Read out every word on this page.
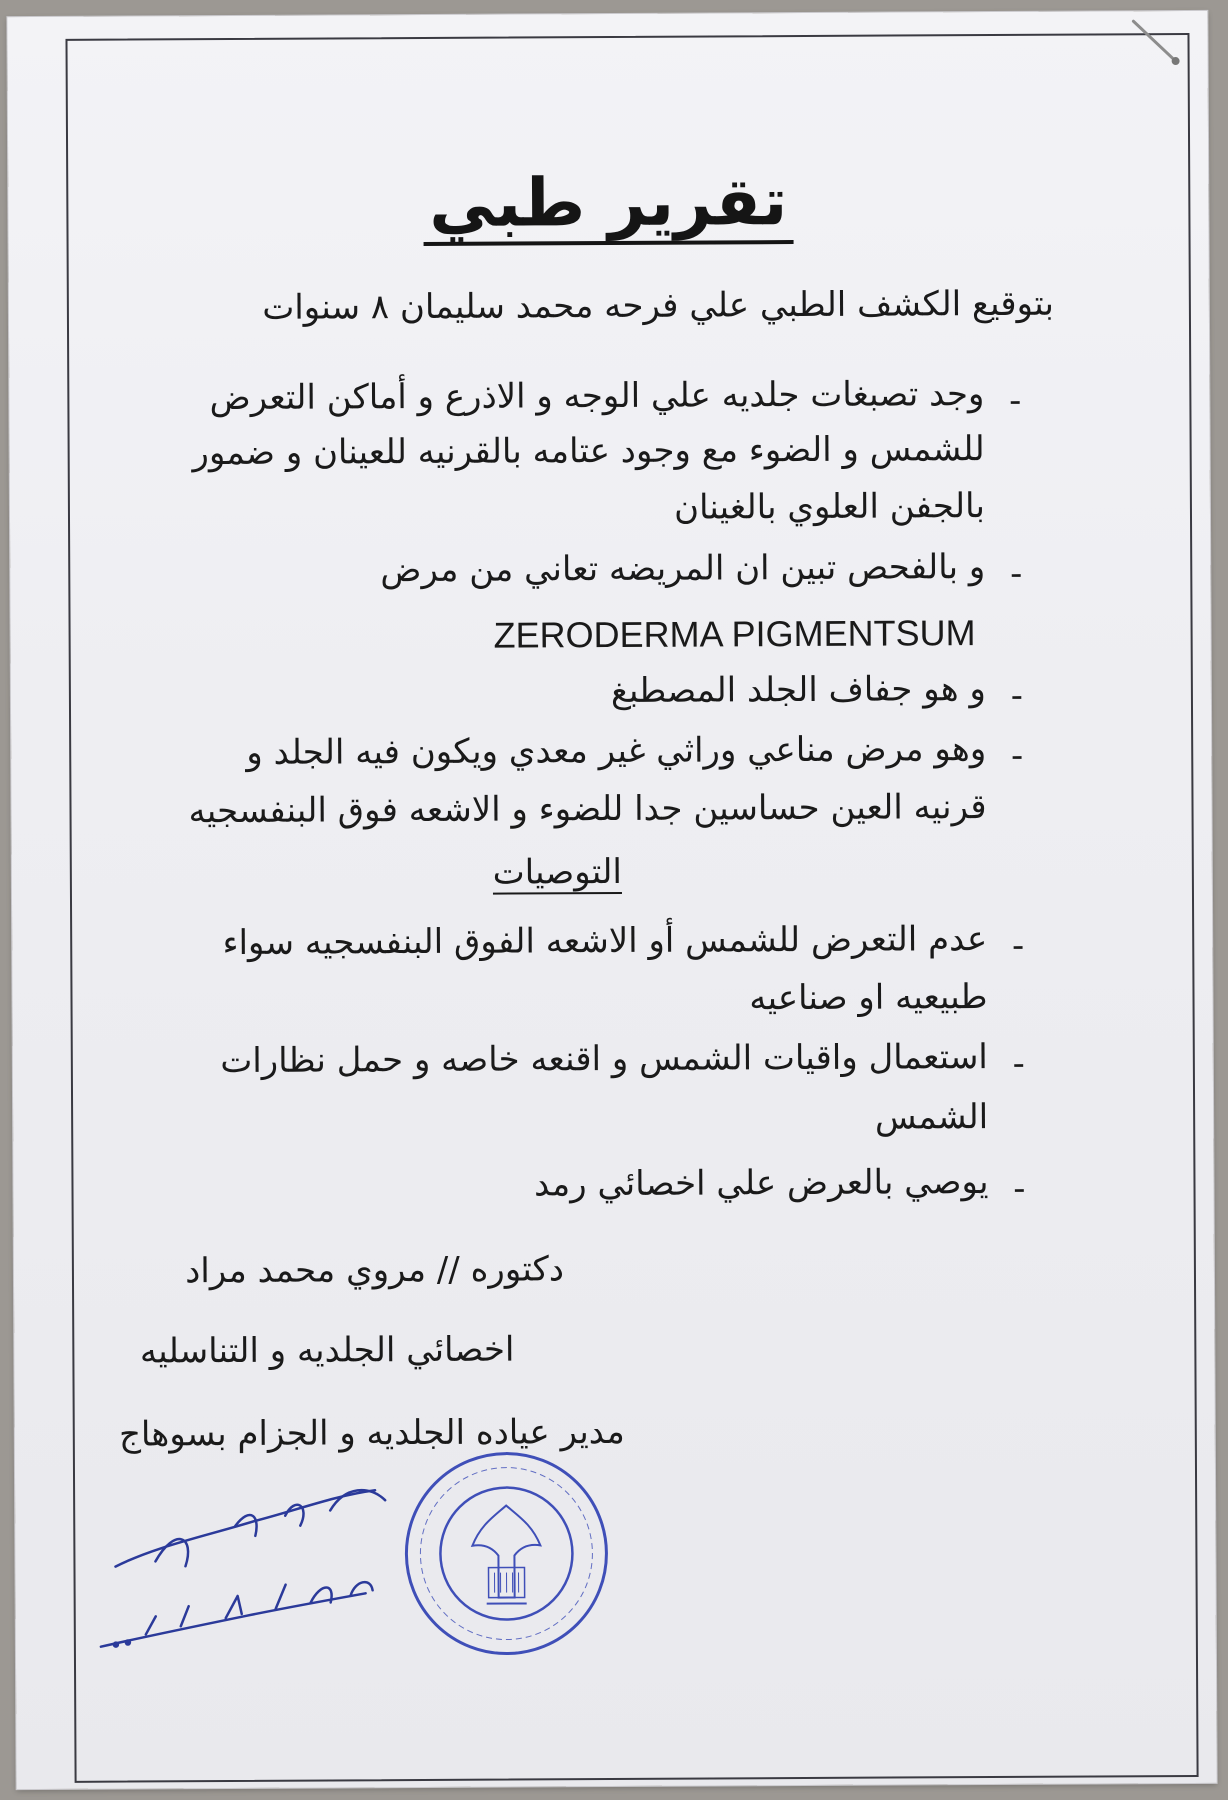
تقرير طبي
بتوقيع الكشف الطبي علي فرحه محمد سليمان ٨ سنوات
-
وجد تصبغات جلديه علي الوجه و الاذرع و أماكن التعرض
للشمس و الضوء مع وجود عتامه بالقرنيه للعينان و ضمور
بالجفن العلوي بالغينان
-
و بالفحص تبين ان المريضه تعاني من مرض
ZERODERMA PIGMENTSUM
-
و هو جفاف الجلد المصطبغ
-
وهو مرض مناعي وراثي غير معدي ويكون فيه الجلد و
قرنيه العين حساسين جدا للضوء و الاشعه فوق البنفسجيه
التوصيات
-
عدم التعرض للشمس أو الاشعه الفوق البنفسجيه سواء
طبيعيه او صناعيه
-
استعمال واقيات الشمس و اقنعه خاصه و حمل نظارات
الشمس
-
يوصي بالعرض علي اخصائي رمد
دكتوره // مروي محمد مراد
اخصائي الجلديه و التناسليه
مدير عياده الجلديه و الجزام بسوهاج
